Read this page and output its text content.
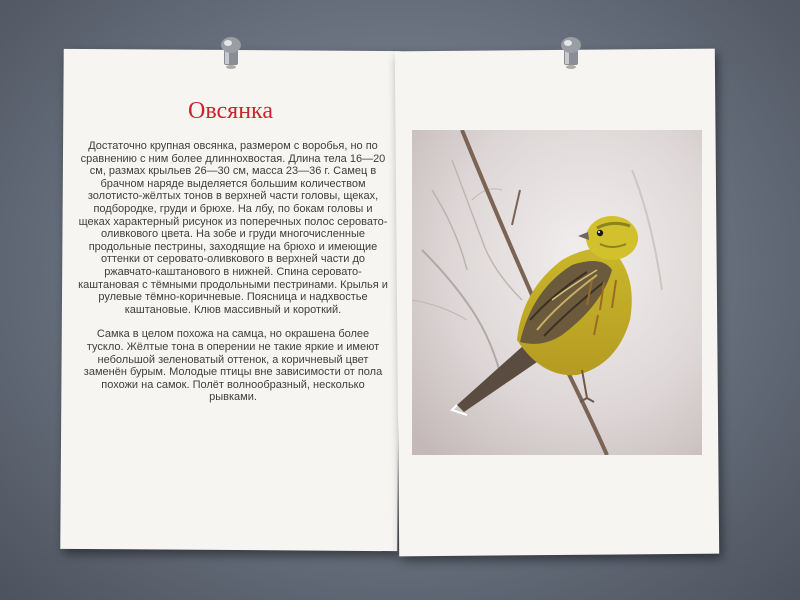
Овсянка

Достаточно крупная овсянка, размером с воробья, но по сравнению с ним более длиннохвостая. Длина тела 16—20 см, размах крыльев 26—30 см, масса 23—36 г. Самец в брачном наряде выделяется большим количеством золотисто-жёлтых тонов в верхней части головы, щеках, подбородке, груди и брюхе. На лбу, по бокам головы и щеках характерный рисунок из поперечных полос серовато-оливкового цвета. На зобе и груди многочисленные продольные пестрины, заходящие на брюхо и имеющие оттенки от серовато-оливкового в верхней части до ржавчато-каштанового в нижней. Спина серовато-каштановая с тёмными продольными пестринами. Крылья и рулевые тёмно-коричневые. Поясница и надхвостье каштановые. Клюв массивный и короткий.

Самка в целом похожа на самца, но окрашена более тускло. Жёлтые тона в оперении не такие яркие и имеют небольшой зеленоватый оттенок, а коричневый цвет заменён бурым. Молодые птицы вне зависимости от пола похожи на самок. Полёт волнообразный, несколько рывками.
